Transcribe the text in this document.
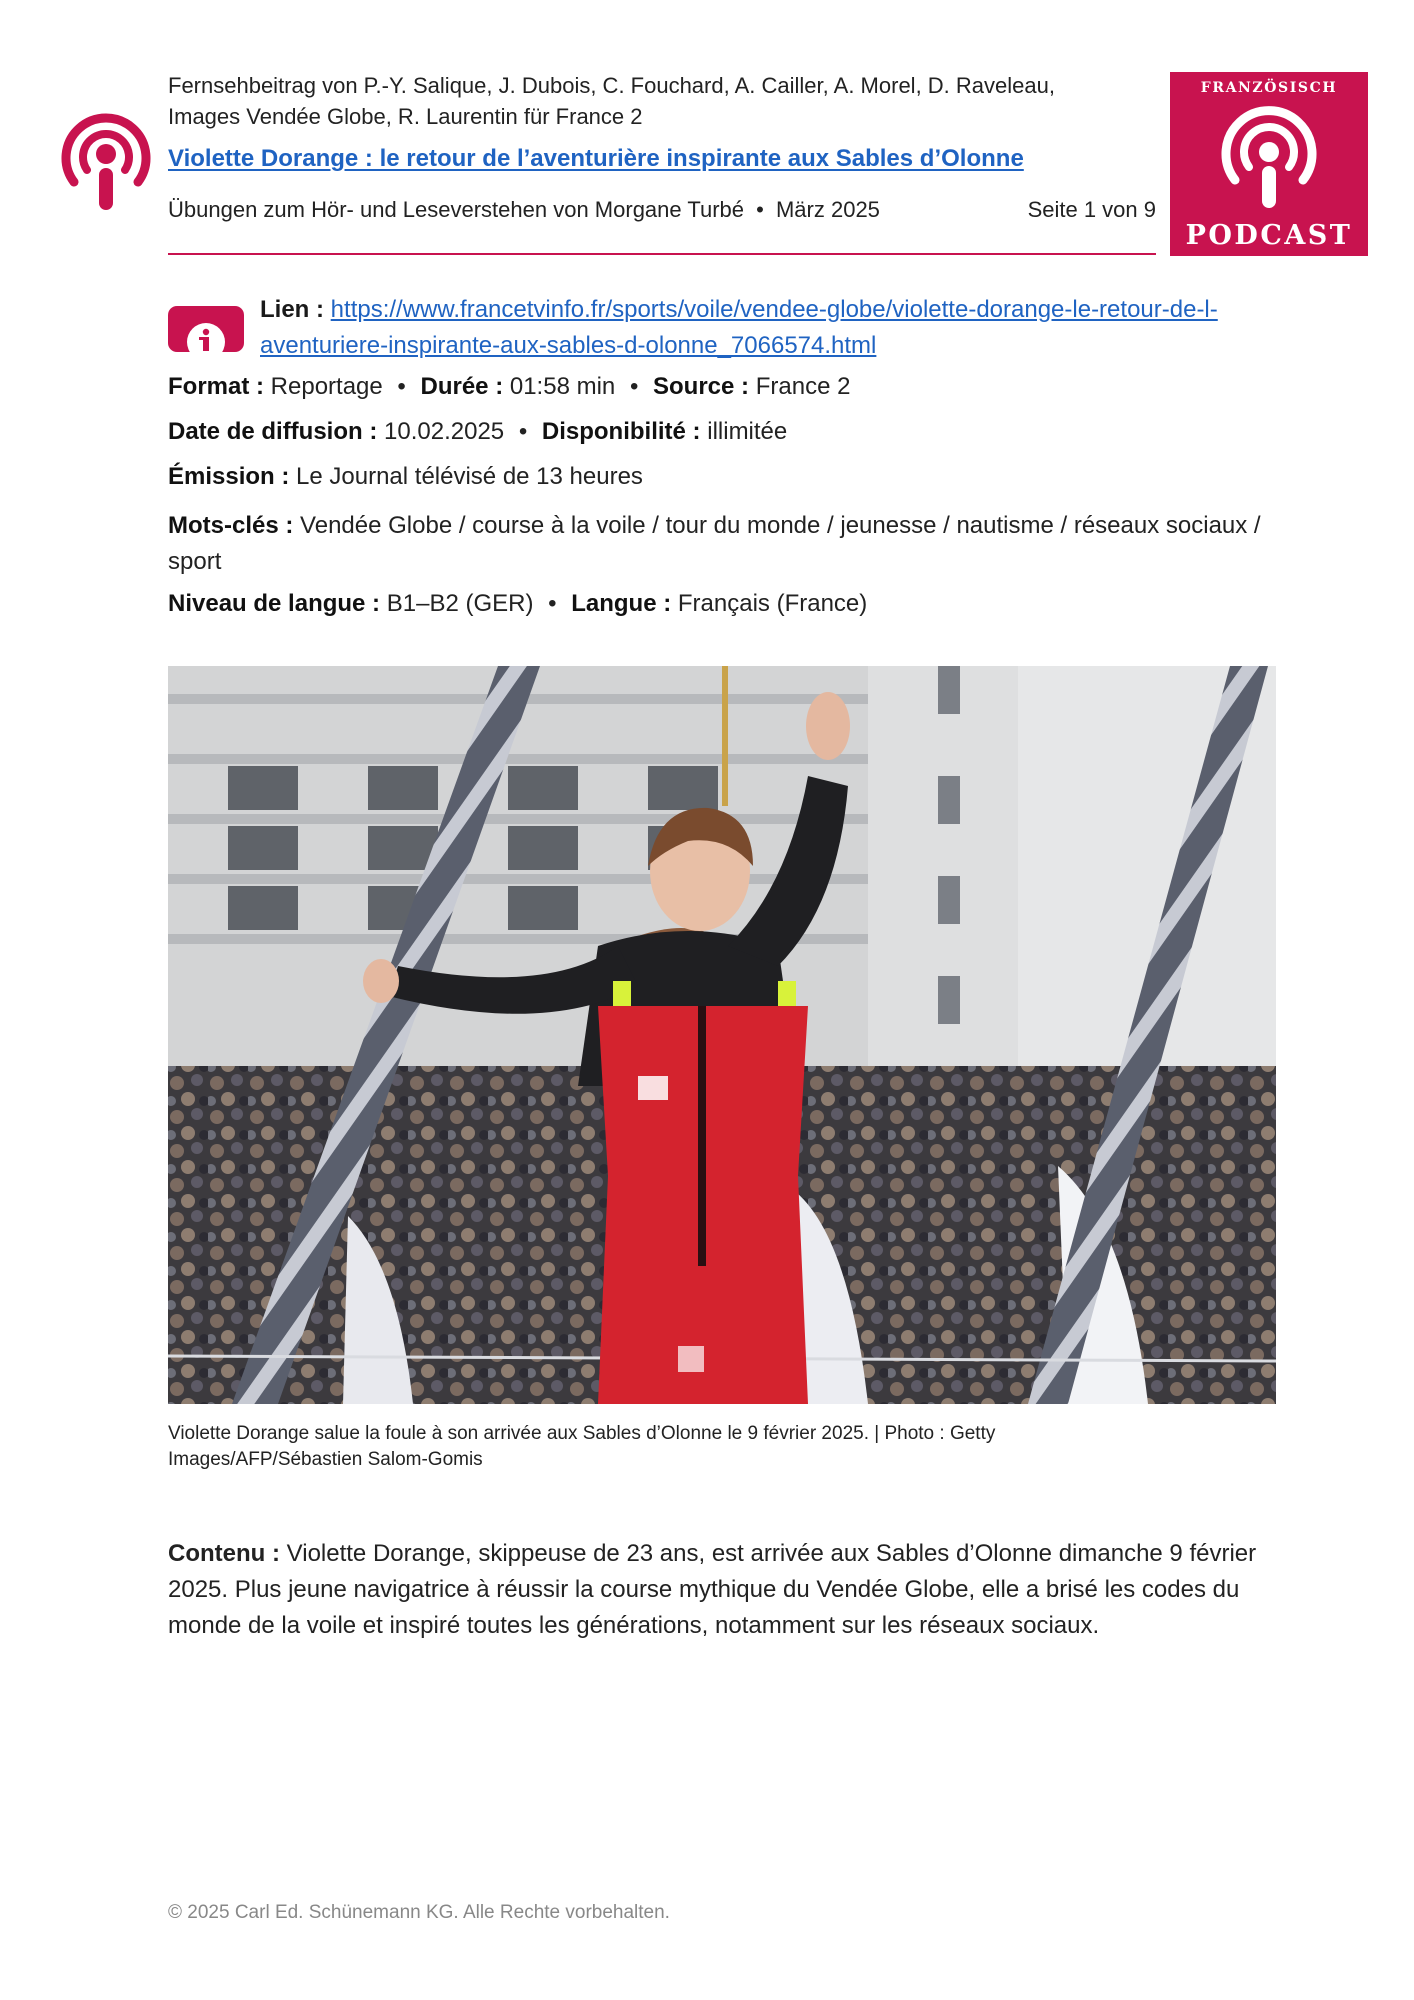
Fernsehbeitrag von P.-Y. Salique, J. Dubois, C. Fouchard, A. Cailler, A. Morel, D. Raveleau,
Images Vendée Globe, R. Laurentin für France 2
Violette Dorange : le retour de l’aventurière inspirante aux Sables d’Olonne
Übungen zum Hör- und Leseverstehen von Morgane Turbé • März 2025	Seite 1 von 9
FRANZÖSISCH
PODCAST
Lien : https://www.francetvinfo.fr/sports/voile/vendee-globe/violette-dorange-le-retour-de-l-
aventuriere-inspirante-aux-sables-d-olonne_7066574.html
Format : Reportage • Durée : 01:58 min • Source : France 2
Date de diffusion : 10.02.2025 • Disponibilité : illimitée
Émission : Le Journal télévisé de 13 heures
Mots-clés : Vendée Globe / course à la voile / tour du monde / jeunesse / nautisme / réseaux sociaux / sport
Niveau de langue : B1–B2 (GER) • Langue : Français (France)
Violette Dorange salue la foule à son arrivée aux Sables d’Olonne le 9 février 2025. | Photo : Getty Images/AFP/Sébastien Salom-Gomis
Contenu : Violette Dorange, skippeuse de 23 ans, est arrivée aux Sables d’Olonne dimanche 9 février 2025. Plus jeune navigatrice à réussir la course mythique du Vendée Globe, elle a brisé les codes du monde de la voile et inspiré toutes les générations, notamment sur les réseaux sociaux.
© 2025 Carl Ed. Schünemann KG. Alle Rechte vorbehalten.
